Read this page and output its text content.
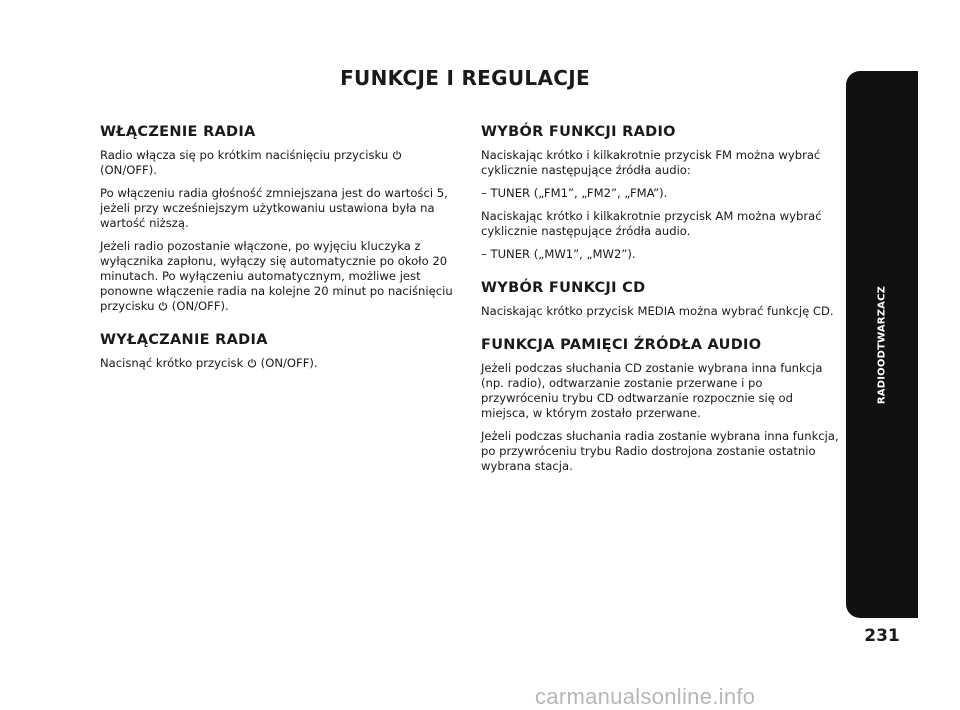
FUNKCJE I REGULACJE
WŁĄCZENIE RADIA

Radio włącza się po krótkim naciśnięciu przycisku  (ON/OFF).

Po włączeniu radia głośność zmniejszana jest do wartości 5, jeżeli przy wcześniejszym użytkowaniu ustawiona była na wartość niższą.

Jeżeli radio pozostanie włączone, po wyjęciu kluczyka z wyłącznika zapłonu, wyłączy się automatycznie po około 20 minutach. Po wyłączeniu automatycznym, możliwe jest ponowne włączenie radia na kolejne 20 minut po naciśnięciu przycisku (ON/OFF).

WYŁĄCZANIE RADIA

Nacisnąć krótko przycisk (ON/OFF).

WYBÓR FUNKCJI RADIO

Naciskając krótko i kilkakrotnie przycisk FM można wybrać cyklicznie następujące źródła audio:

– TUNER („FM1”, „FM2”, „FMA”).

Naciskając krótko i kilkakrotnie przycisk AM można wybrać cyklicznie następujące źródła audio.

– TUNER („MW1”, „MW2”).

WYBÓR FUNKCJI CD

Naciskając krótko przycisk MEDIA można wybrać funkcję CD.

FUNKCJA PAMIĘCI ŹRÓDŁA AUDIO

Jeżeli podczas słuchania CD zostanie wybrana inna funkcja (np. radio), odtwarzanie zostanie przerwane i po przywróceniu trybu CD odtwarzanie rozpocznie się od miejsca, w którym zostało przerwane.

Jeżeli podczas słuchania radia zostanie wybrana inna funkcja, po przywróceniu trybu Radio dostrojona zostanie ostatnio wybrana stacja.

RADIOODTWARZACZ
231
carmanualsonline.info
